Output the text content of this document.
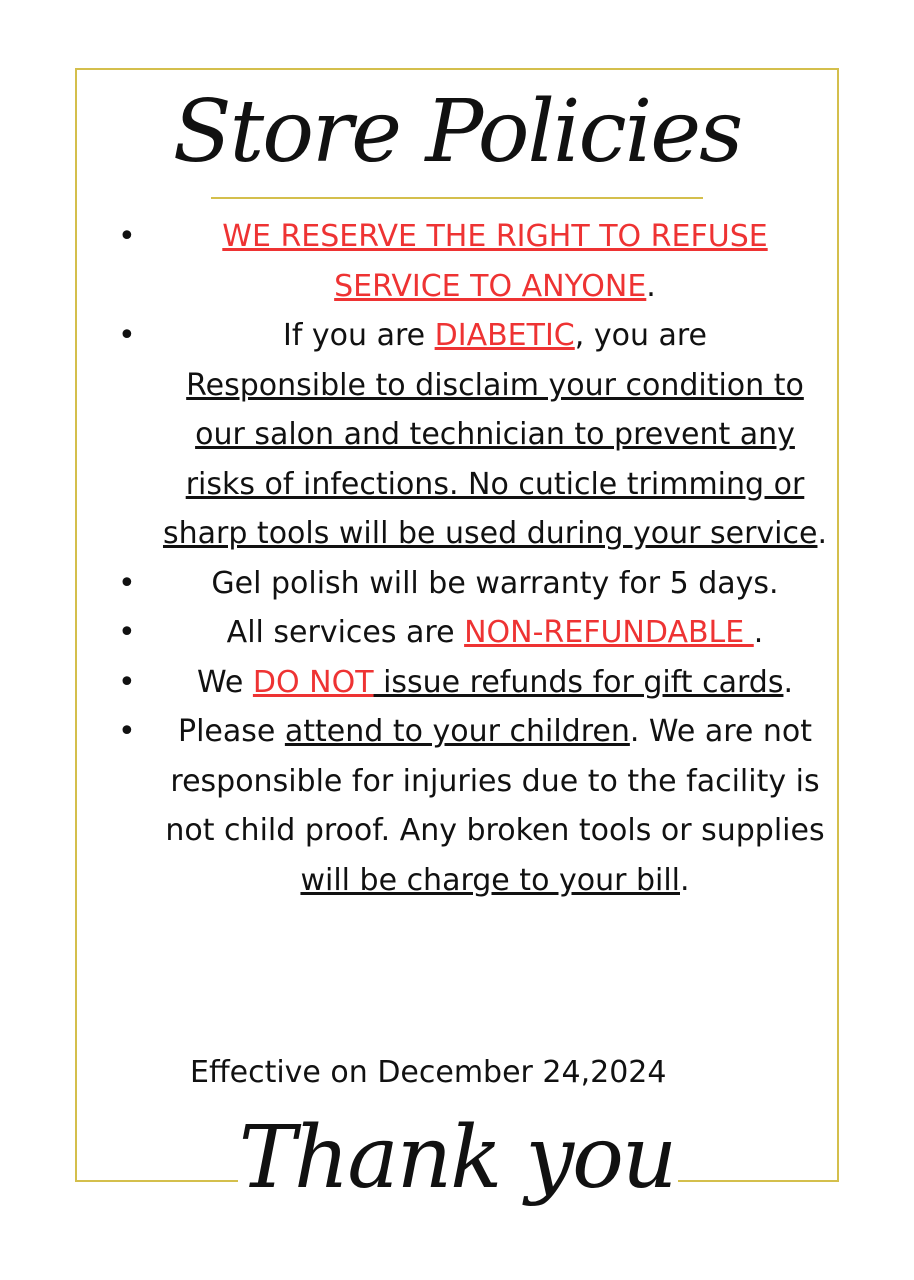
Store Policies
•	WE RESERVE THE RIGHT TO REFUSE SERVICE TO ANYONE.
•	If you are DIABETIC, you are
Responsible to disclaim your condition to our salon and technician to prevent any risks of infections. No cuticle trimming or sharp tools will be used during your service.
•	Gel polish will be warranty for 5 days.
•	All services are NON-REFUNDABLE .
• We DO NOT issue refunds for gift cards.
• Please attend to your children. We are not responsible for injuries due to the facility is not child proof. Any broken tools or supplies will be charge to your bill.
Effective on December 24,2024
Thank you
